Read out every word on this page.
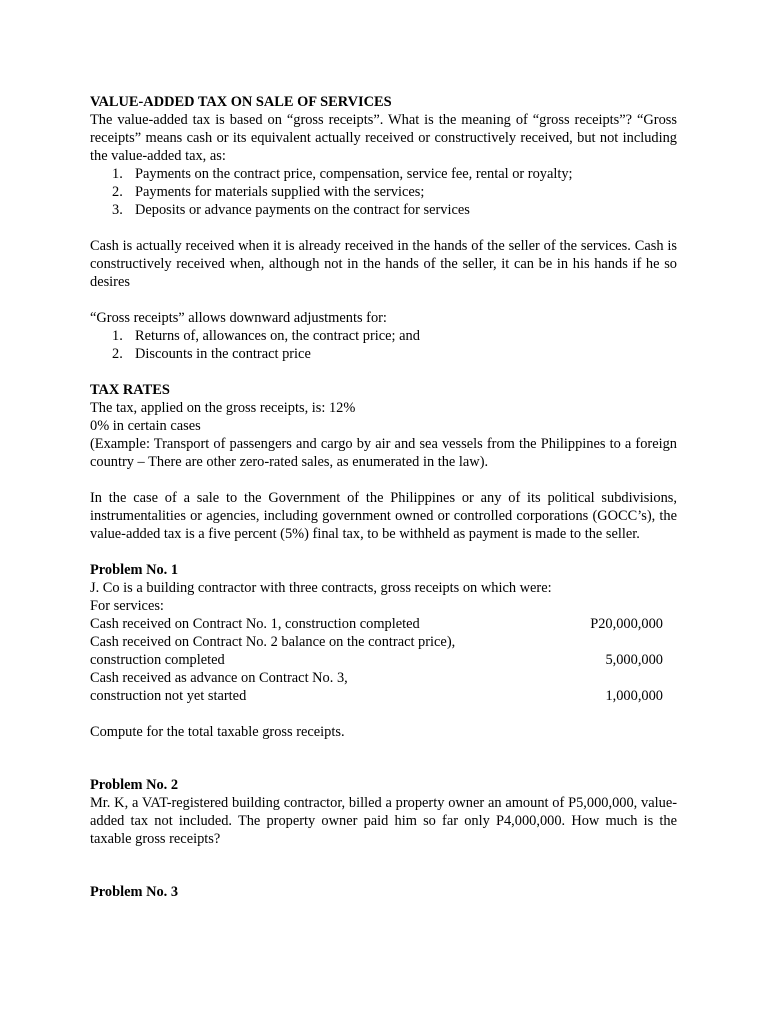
VALUE-ADDED TAX ON SALE OF SERVICES

The value-added tax is based on “gross receipts”. What is the meaning of “gross receipts”? “Gross receipts” means cash or its equivalent actually received or constructively received, but not including the value-added tax, as:

1. Payments on the contract price, compensation, service fee, rental or royalty;
2. Payments for materials supplied with the services;
3. Deposits or advance payments on the contract for services

Cash is actually received when it is already received in the hands of the seller of the services. Cash is constructively received when, although not in the hands of the seller, it can be in his hands if he so desires

“Gross receipts” allows downward adjustments for:

1. Returns of, allowances on, the contract price; and
2. Discounts in the contract price

TAX RATES

The tax, applied on the gross receipts, is: 12%

0% in certain cases

(Example: Transport of passengers and cargo by air and sea vessels from the Philippines to a foreign country – There are other zero-rated sales, as enumerated in the law).

In the case of a sale to the Government of the Philippines or any of its political subdivisions, instrumentalities or agencies, including government owned or controlled corporations (GOCC’s), the value-added tax is a five percent (5%) final tax, to be withheld as payment is made to the seller.

Problem No. 1

J. Co is a building contractor with three contracts, gross receipts on which were:

For services:

Cash received on Contract No. 1, construction completed	P20,000,000
Cash received on Contract No. 2 balance on the contract price),
construction completed	5,000,000
Cash received as advance on Contract No. 3,
construction not yet started	1,000,000

Compute for the total taxable gross receipts.

Problem No. 2

Mr. K, a VAT-registered building contractor, billed a property owner an amount of P5,000,000, value-added tax not included. The property owner paid him so far only P4,000,000. How much is the taxable gross receipts?

Problem No. 3
